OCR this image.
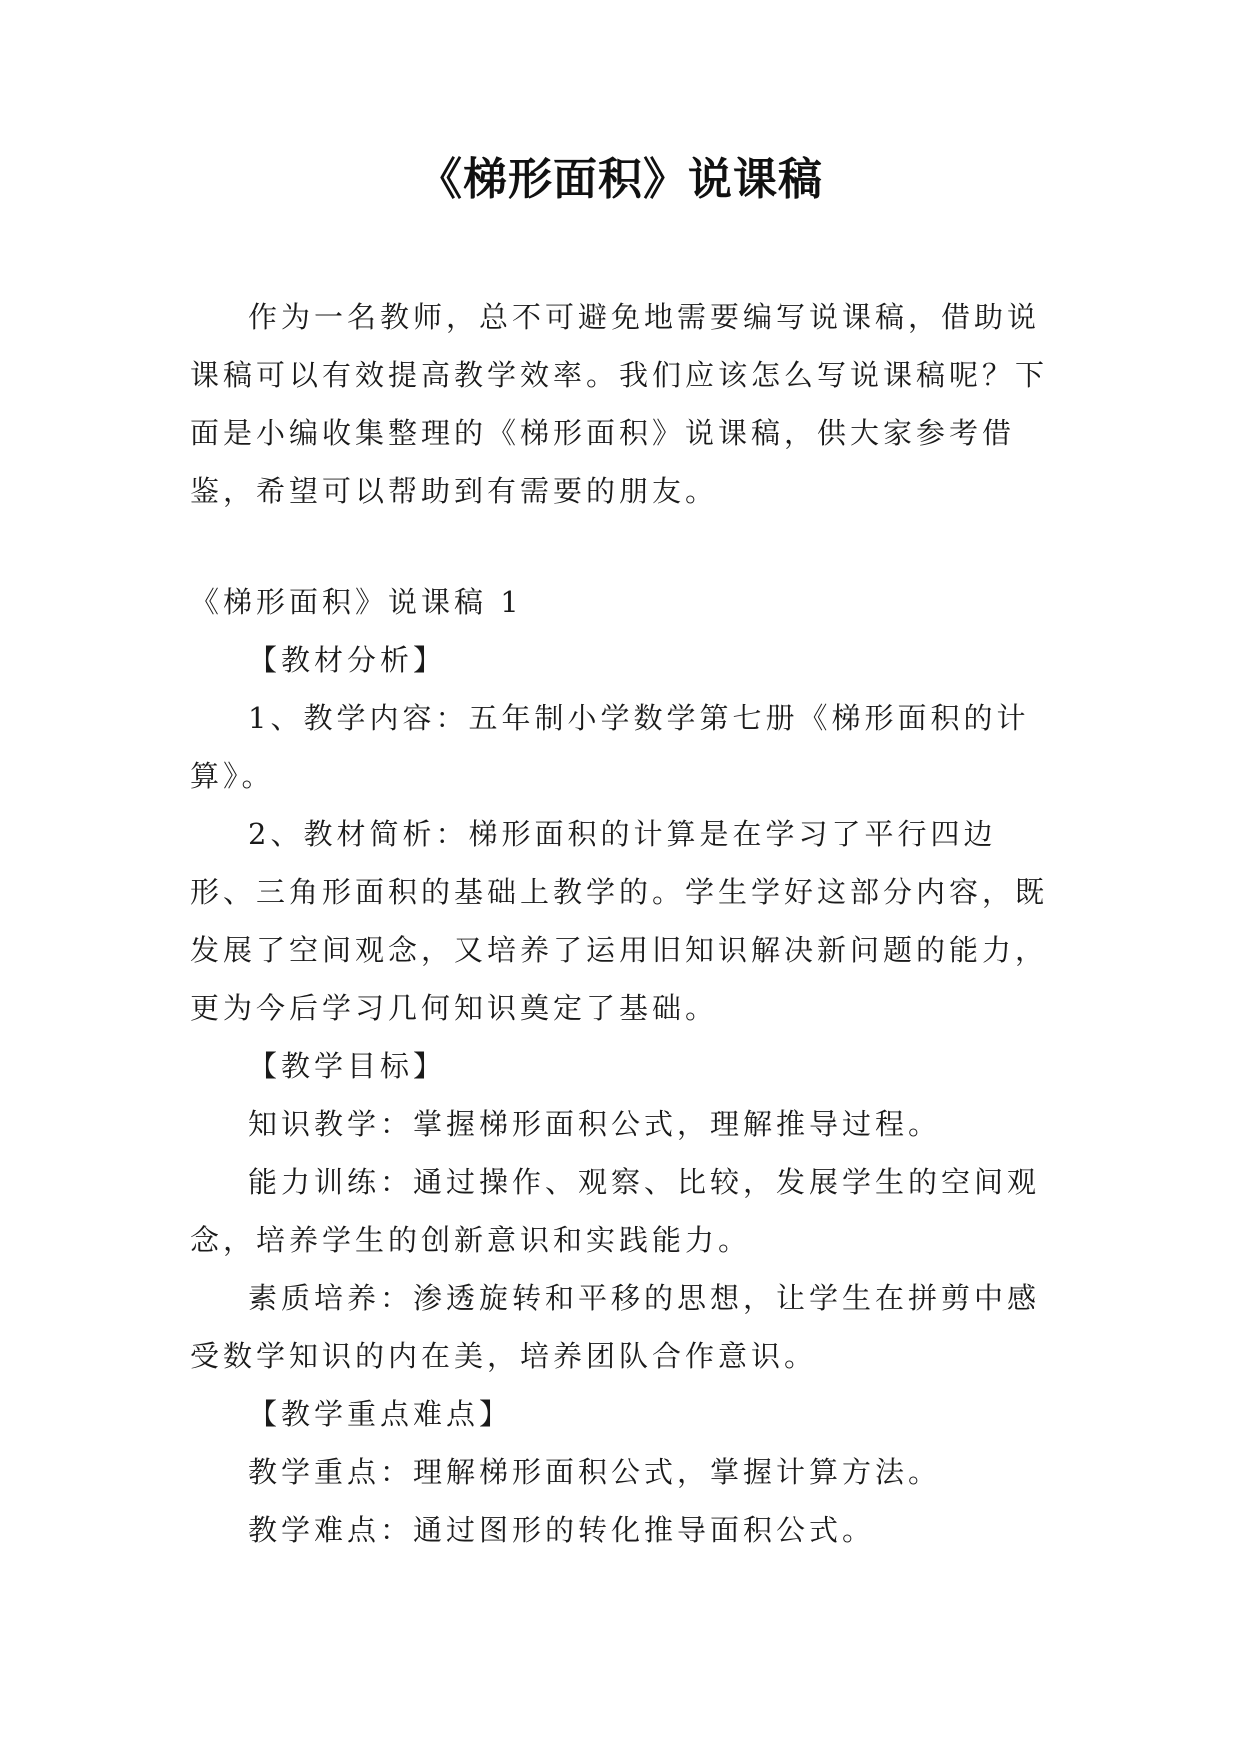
《梯形面积》说课稿

作为一名教师，总不可避免地需要编写说课稿，借助说课稿可以有效提高教学效率。我们应该怎么写说课稿呢？下面是小编收集整理的《梯形面积》说课稿，供大家参考借鉴，希望可以帮助到有需要的朋友。

《梯形面积》说课稿 1

【教材分析】

1、教学内容：五年制小学数学第七册《梯形面积的计算》。

2、教材简析：梯形面积的计算是在学习了平行四边形、三角形面积的基础上教学的。学生学好这部分内容，既发展了空间观念，又培养了运用旧知识解决新问题的能力，更为今后学习几何知识奠定了基础。

【教学目标】

知识教学：掌握梯形面积公式，理解推导过程。

能力训练：通过操作、观察、比较，发展学生的空间观念，培养学生的创新意识和实践能力。

素质培养：渗透旋转和平移的思想，让学生在拼剪中感受数学知识的内在美，培养团队合作意识。

【教学重点难点】

教学重点：理解梯形面积公式，掌握计算方法。

教学难点：通过图形的转化推导面积公式。
